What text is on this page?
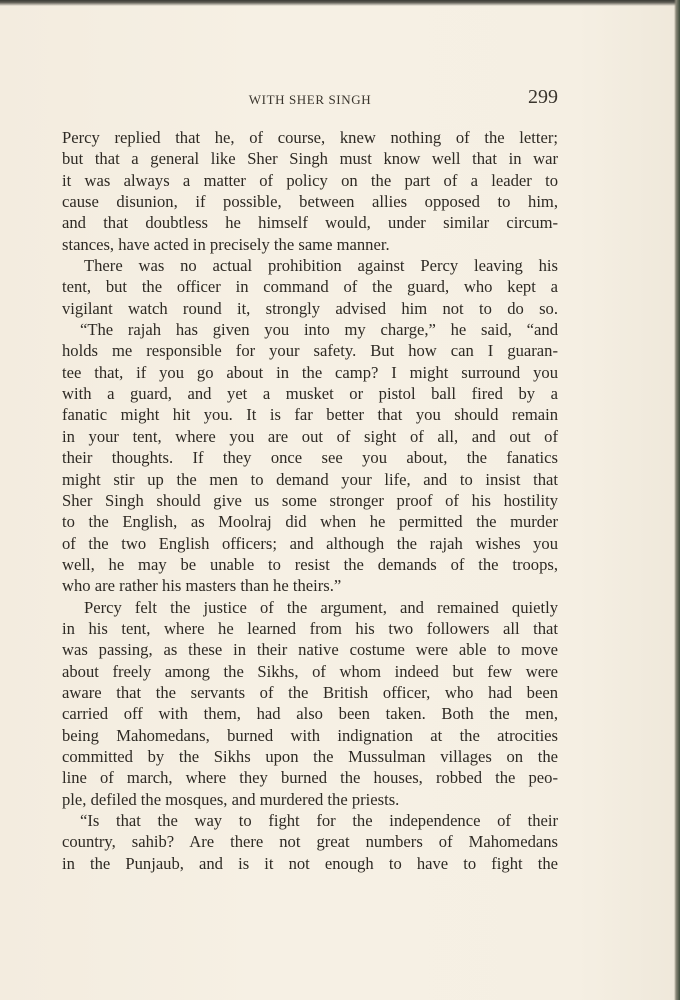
WITH SHER SINGH	299
Percy replied that he, of course, knew nothing of the letter;
but that a general like Sher Singh must know well that in war
it was always a matter of policy on the part of a leader to
cause disunion, if possible, between allies opposed to him,
and that doubtless he himself would, under similar circum-
stances, have acted in precisely the same manner.
There was no actual prohibition against Percy leaving his
tent, but the officer in command of the guard, who kept a
vigilant watch round it, strongly advised him not to do so.
“The rajah has given you into my charge,” he said, “and
holds me responsible for your safety. But how can I guaran-
tee that, if you go about in the camp? I might surround you
with a guard, and yet a musket or pistol ball fired by a
fanatic might hit you. It is far better that you should remain
in your tent, where you are out of sight of all, and out of
their thoughts. If they once see you about, the fanatics
might stir up the men to demand your life, and to insist that
Sher Singh should give us some stronger proof of his hostility
to the English, as Moolraj did when he permitted the murder
of the two English officers; and although the rajah wishes you
well, he may be unable to resist the demands of the troops,
who are rather his masters than he theirs.”
Percy felt the justice of the argument, and remained quietly
in his tent, where he learned from his two followers all that
was passing, as these in their native costume were able to move
about freely among the Sikhs, of whom indeed but few were
aware that the servants of the British officer, who had been
carried off with them, had also been taken. Both the men,
being Mahomedans, burned with indignation at the atrocities
committed by the Sikhs upon the Mussulman villages on the
line of march, where they burned the houses, robbed the peo-
ple, defiled the mosques, and murdered the priests.
“Is that the way to fight for the independence of their
country, sahib? Are there not great numbers of Mahomedans
in the Punjaub, and is it not enough to have to fight the
